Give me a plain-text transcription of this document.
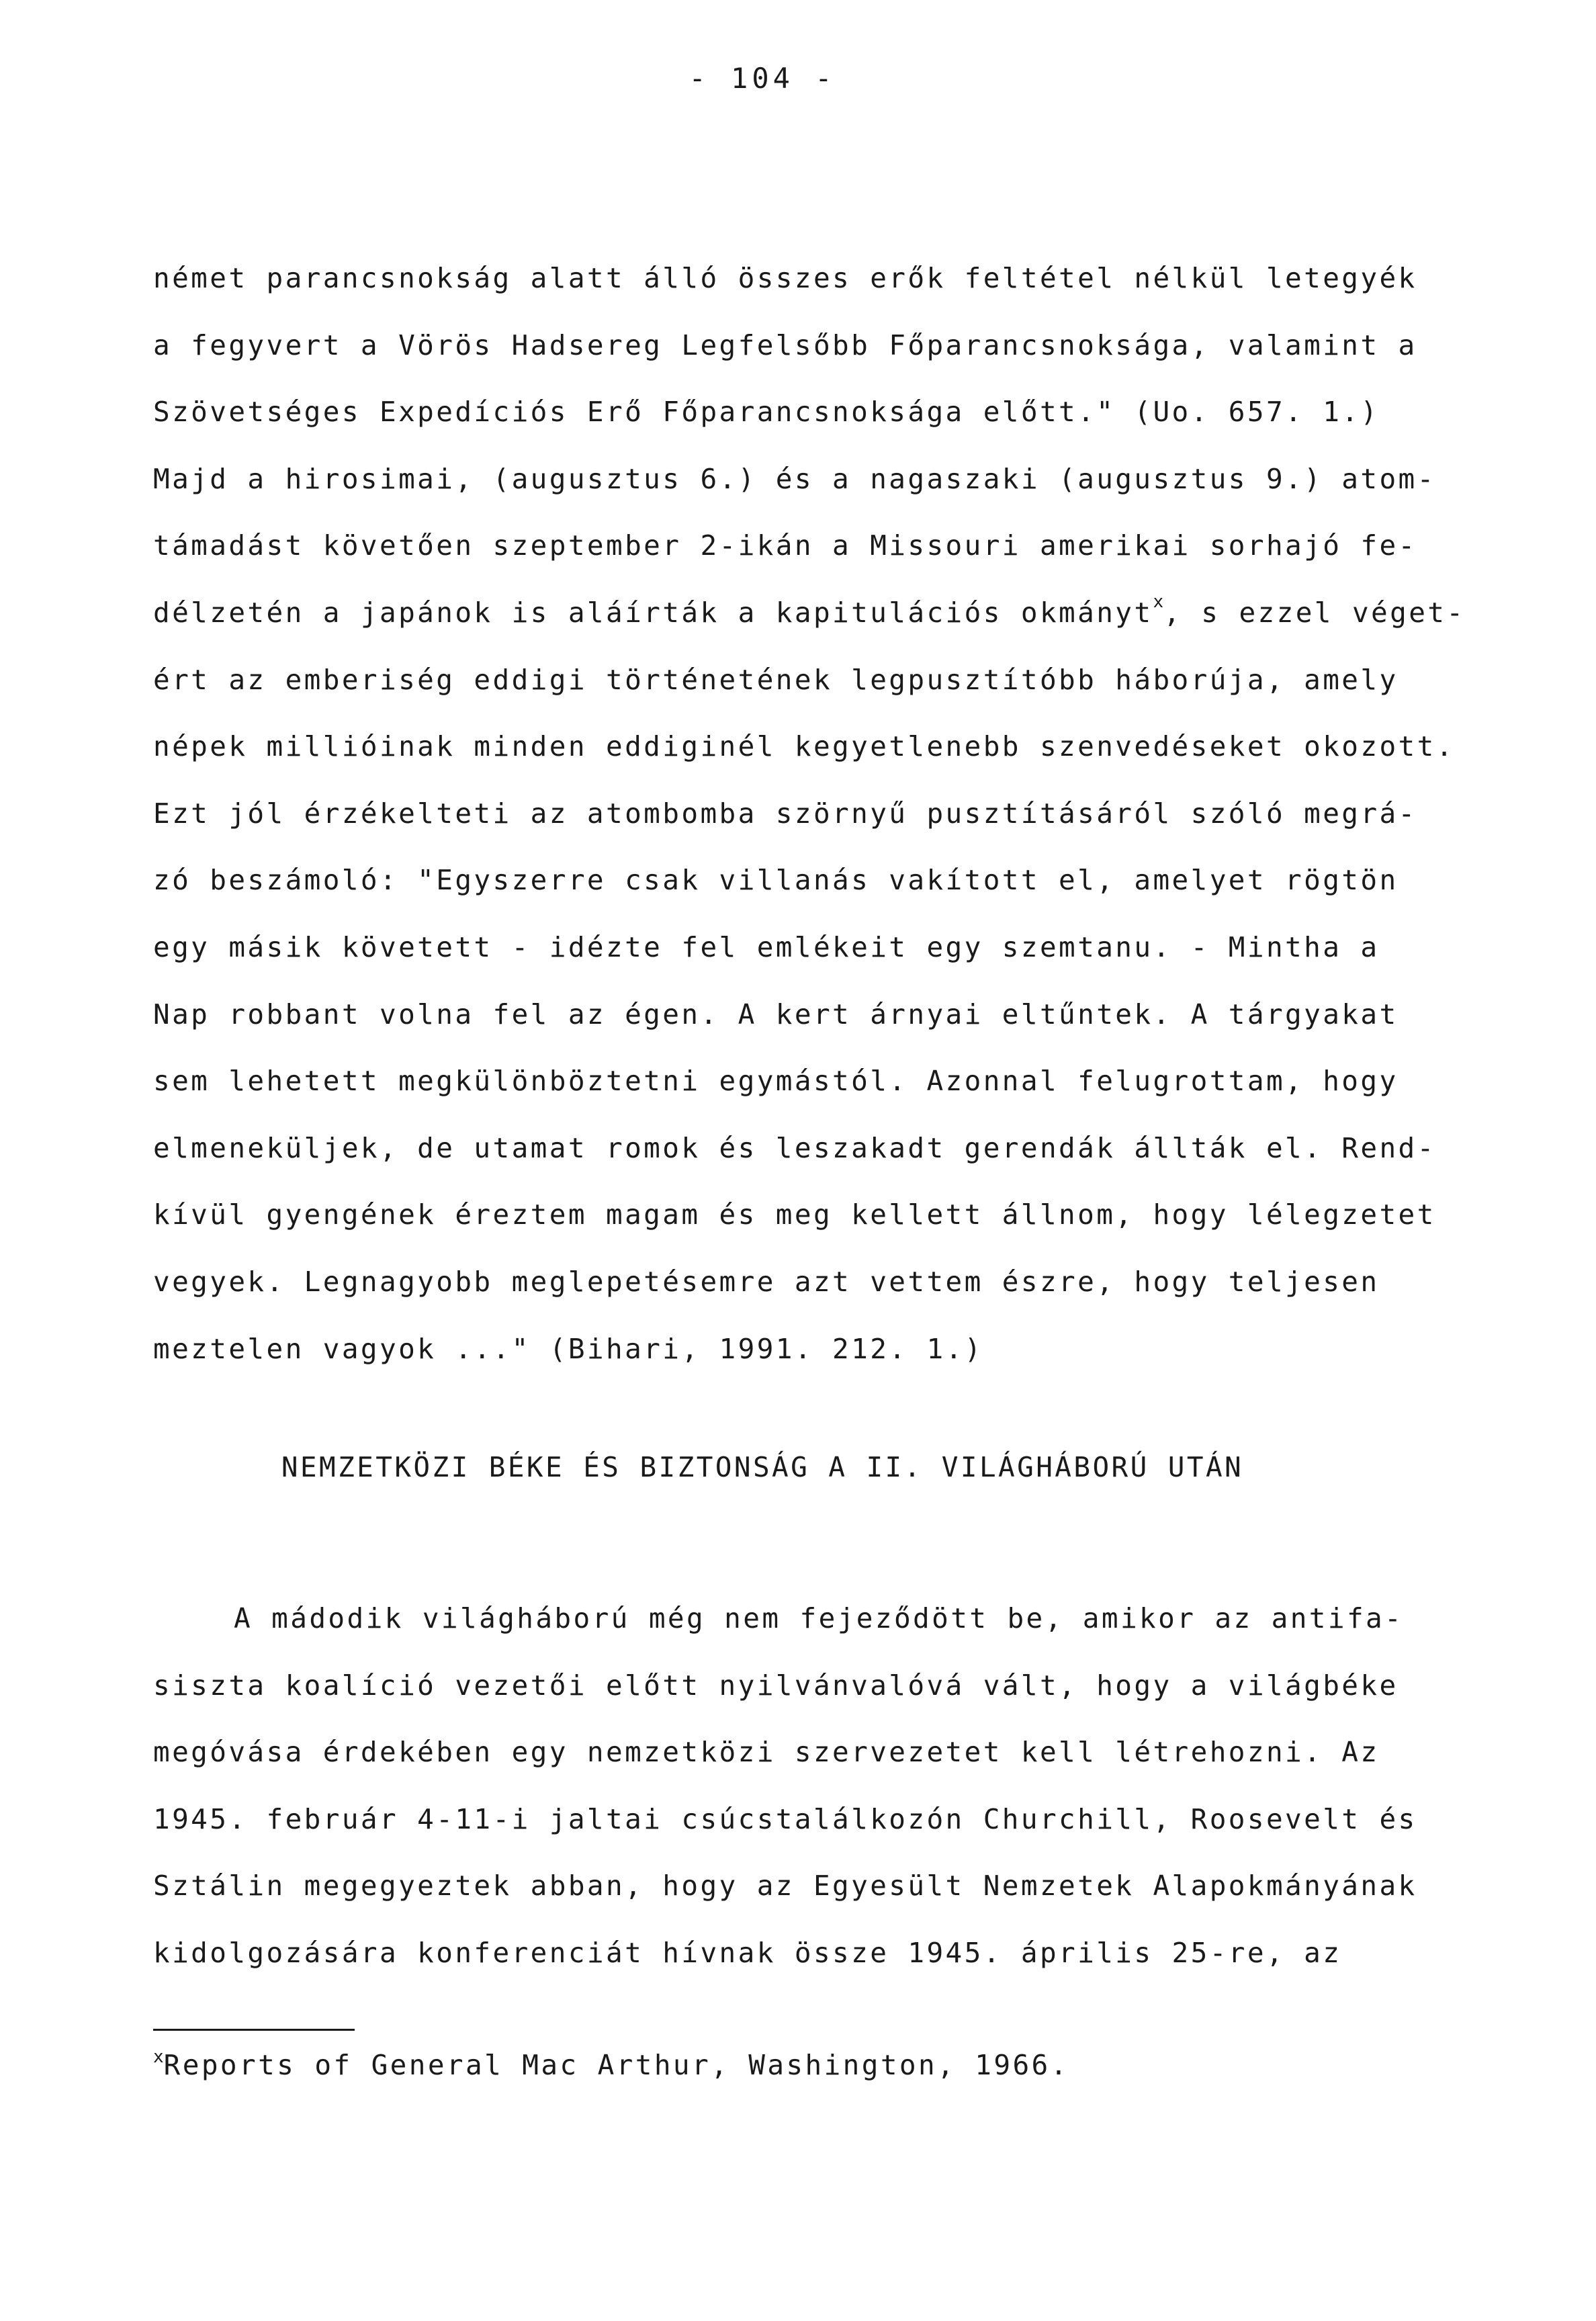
- 104 -
német parancsnokság alatt álló összes erők feltétel nélkül letegyék
a fegyvert a Vörös Hadsereg Legfelsőbb Főparancsnoksága, valamint a
Szövetséges Expedíciós Erő Főparancsnoksága előtt." (Uo. 657. 1.)
Majd a hirosimai, (augusztus 6.) és a nagaszaki (augusztus 9.) atom-
támadást követően szeptember 2-ikán a Missouri amerikai sorhajó fe-
délzetén a japánok is aláírták a kapitulációs okmányt$^x$, s ezzel véget-
ért az emberiség eddigi történetének legpusztítóbb háborúja, amely
népek millióinak minden eddiginél kegyetlenebb szenvedéseket okozott.
Ezt jól érzékelteti az atombomba szörnyű pusztításáról szóló megrá-
zó beszámoló: "Egyszerre csak villanás vakított el, amelyet rögtön
egy másik követett - idézte fel emlékeit egy szemtanu. - Mintha a
Nap robbant volna fel az égen. A kert árnyai eltűntek. A tárgyakat
sem lehetett megkülönböztetni egymástól. Azonnal felugrottam, hogy
elmeneküljek, de utamat romok és leszakadt gerendák állták el. Rend-
kívül gyengének éreztem magam és meg kellett állnom, hogy lélegzetet
vegyek. Legnagyobb meglepetésemre azt vettem észre, hogy teljesen
meztelen vagyok ..." (Bihari, 1991. 212. 1.)
NEMZETKÖZI BÉKE ÉS BIZTONSÁG A II. VILÁGHÁBORÚ UTÁN
A mádodik világháború még nem fejeződött be, amikor az antifa-
siszta koalíció vezetői előtt nyilvánvalóvá vált, hogy a világbéke
megóvása érdekében egy nemzetközi szervezetet kell létrehozni. Az
1945. február 4-11-i jaltai csúcstalálkozón Churchill, Roosevelt és
Sztálin megegyeztek abban, hogy az Egyesült Nemzetek Alapokmányának
kidolgozására konferenciát hívnak össze 1945. április 25-re, az
$^x$Reports of General Mac Arthur, Washington, 1966.
